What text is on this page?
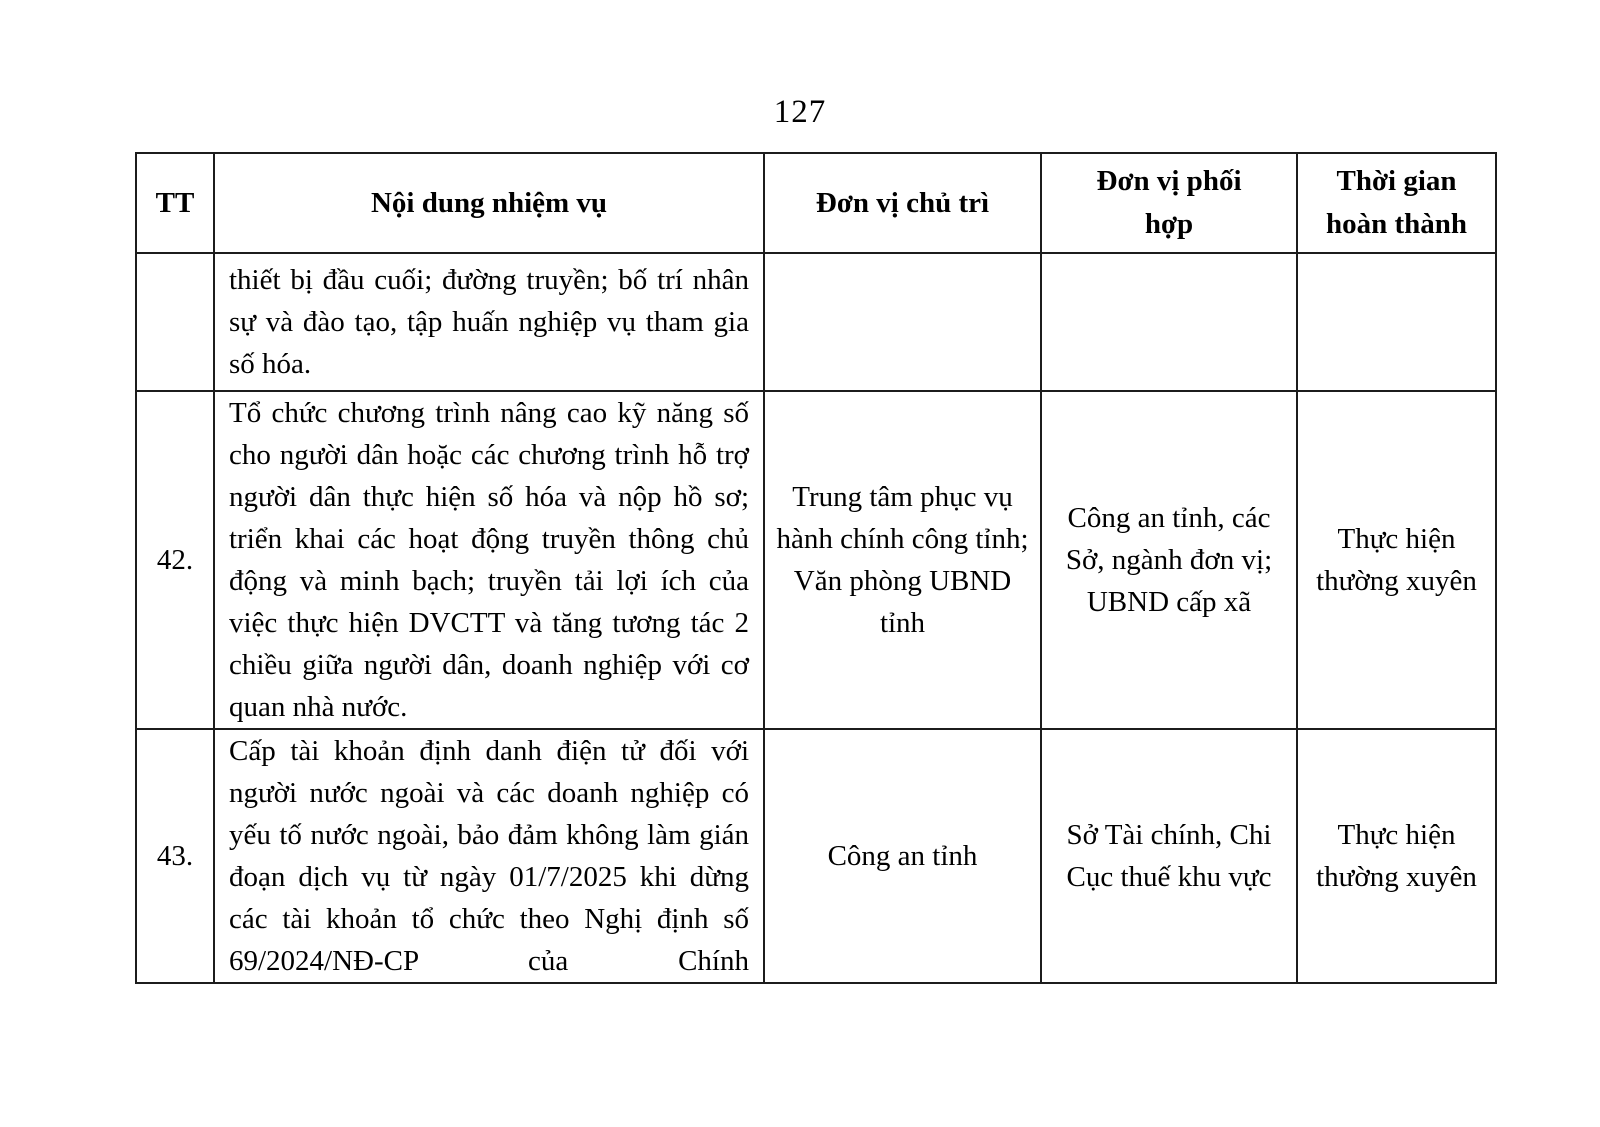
127
TT	Nội dung nhiệm vụ	Đơn vị chủ trì	Đơn vị phối hợp	Thời gian hoàn thành

	thiết bị đầu cuối; đường truyền; bố trí nhân sự và đào tạo, tập huấn nghiệp vụ tham gia số hóa.			

42.	Tổ chức chương trình nâng cao kỹ năng số cho người dân hoặc các chương trình hỗ trợ người dân thực hiện số hóa và nộp hồ sơ; triển khai các hoạt động truyền thông chủ động và minh bạch; truyền tải lợi ích của việc thực hiện DVCTT và tăng tương tác 2 chiều giữa người dân, doanh nghiệp với cơ quan nhà nước.	Trung tâm phục vụ hành chính công tỉnh; Văn phòng UBND tỉnh	Công an tỉnh, các Sở, ngành đơn vị; UBND cấp xã	Thực hiện thường xuyên
43.	Cấp tài khoản định danh điện tử đối với người nước ngoài và các doanh nghiệp có yếu tố nước ngoài, bảo đảm không làm gián đoạn dịch vụ từ ngày 01/7/2025 khi dừng các tài khoản tổ chức theo Nghị định số 69/2024/NĐ-CP của Chính	Công an tỉnh	Sở Tài chính, Chi Cục thuế khu vực	Thực hiện thường xuyên
